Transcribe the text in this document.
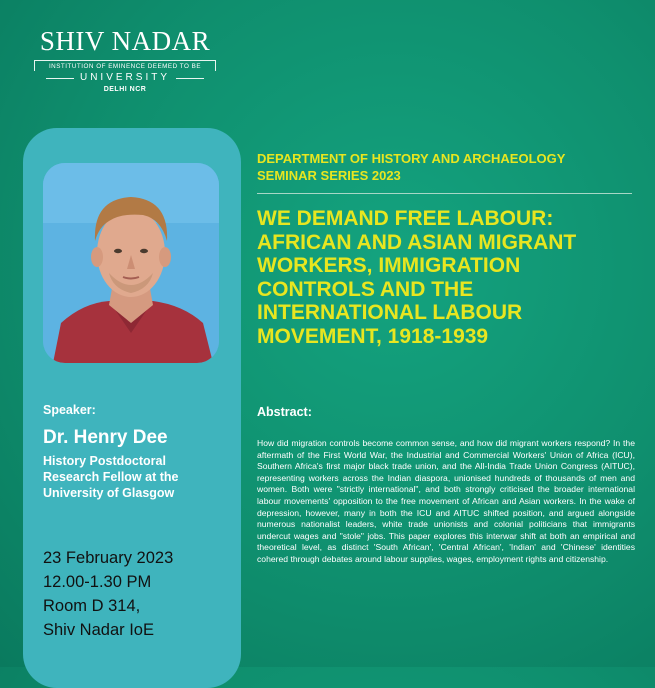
SHIV NADAR
INSTITUTION OF EMINENCE DEEMED TO BE
UNIVERSITY
DELHI NCR
Speaker:
Dr. Henry Dee
History Postdoctoral
Research Fellow at the
University of Glasgow
23 February 2023
12.00-1.30 PM
Room D 314,
Shiv Nadar IoE
DEPARTMENT OF HISTORY AND ARCHAEOLOGY
SEMINAR SERIES 2023
WE DEMAND FREE LABOUR:
AFRICAN AND ASIAN MIGRANT
WORKERS, IMMIGRATION
CONTROLS AND THE
INTERNATIONAL LABOUR
MOVEMENT, 1918-1939
Abstract:
How did migration controls become common sense, and how did migrant workers respond? In the aftermath of the First World War, the Industrial and Commercial Workers' Union of Africa (ICU), Southern Africa's first major black trade union, and the All-India Trade Union Congress (AITUC), representing workers across the Indian diaspora, unionised hundreds of thousands of men and women. Both were "strictly international", and both strongly criticised the broader international labour movements' opposition to the free movement of African and Asian workers. In the wake of depression, however, many in both the ICU and AITUC shifted position, and argued alongside numerous nationalist leaders, white trade unionists and colonial politicians that immigrants undercut wages and "stole" jobs. This paper explores this interwar shift at both an empirical and theoretical level, as distinct 'South African', 'Central African', 'Indian' and 'Chinese' identities cohered through debates around labour supplies, wages, employment rights and citizenship.
